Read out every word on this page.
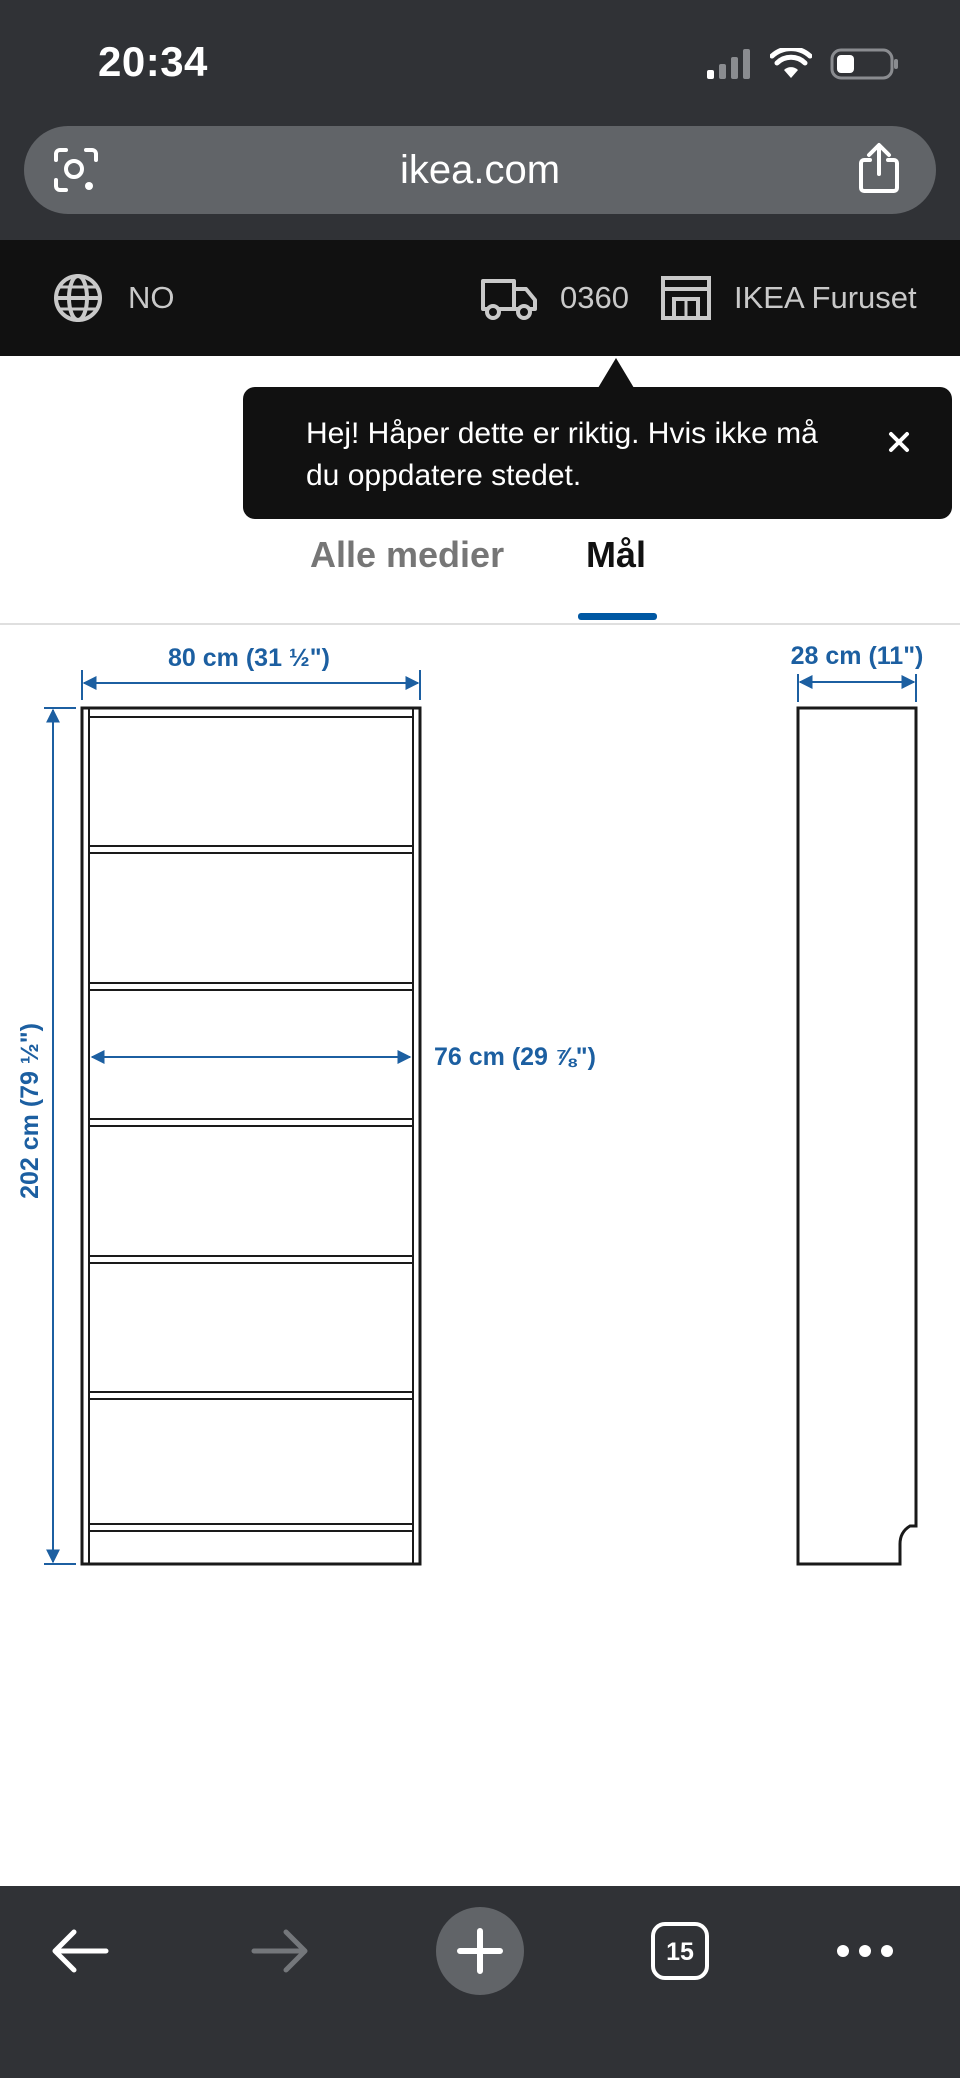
20:34
ikea.com
NO	0360	IKEA Furuset
Alle medier Mål
80 cm (31 ½")
202 cm (79 ½")	76 cm (29 ⅞")
28 cm (11")
Hej! Håper dette er riktig. Hvis ikke må du oppdatere stedet.
15
